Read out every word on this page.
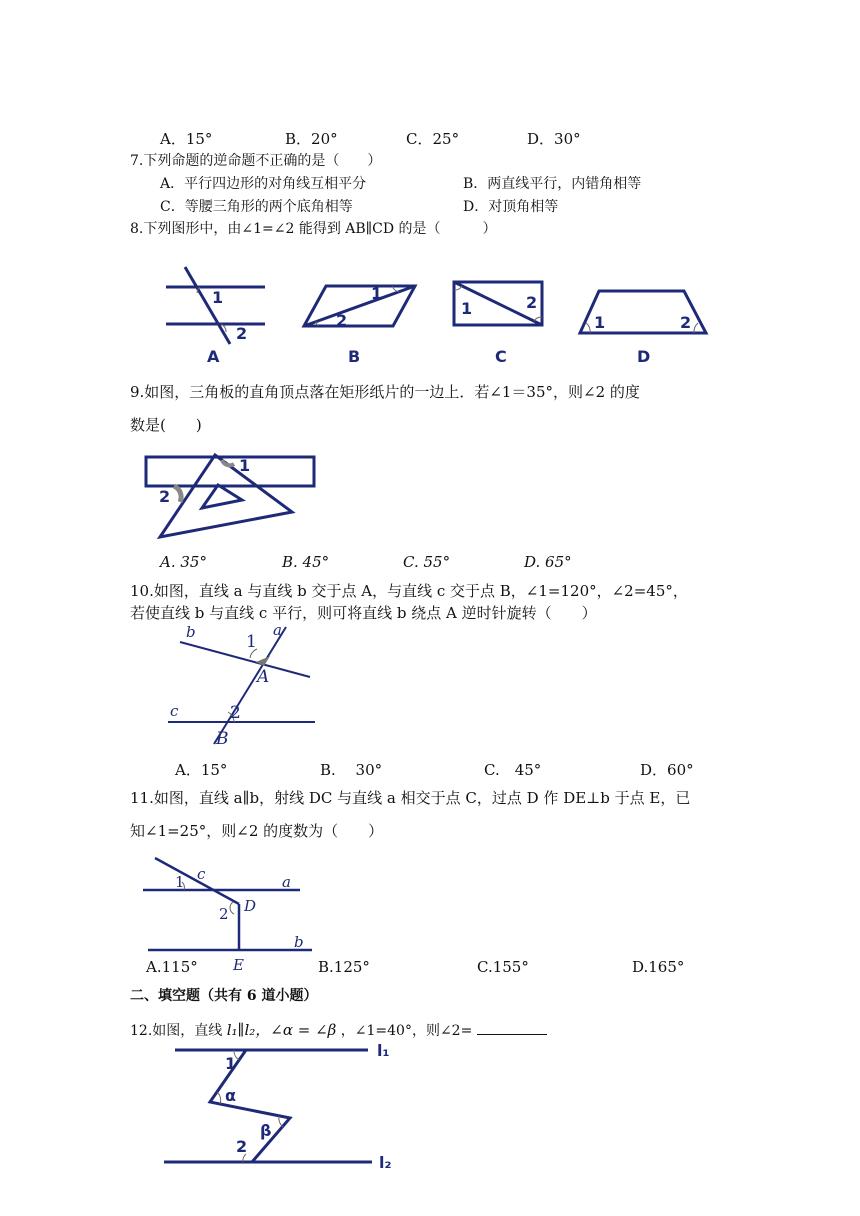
A．15°	B．20°	C．25°	D．30°
7.下列命题的逆命题不正确的是（　　）
A．平行四边形的对角线互相平分	B．两直线平行，内错角相等
C．等腰三角形的两个底角相等	D．对顶角相等
8.下列图形中，由∠1=∠2 能得到 AB∥CD 的是（　　　）
1
2
1
2
1	2
1	2
A	B	C	D
9.如图，三角板的直角顶点落在矩形纸片的一边上．若∠1＝35°，则∠2 的度
数是(　　)
1
2
A. 35°	B. 45°	C. 55°	D. 65°
10.如图，直线 a 与直线 b 交于点 A，与直线 c 交于点 B，∠1=120°，∠2=45°，
若使直线 b 与直线 c 平行，则可将直线 b 绕点 A 逆时针旋转（　　）
a
b
c
A
B
1
2
A．15°	B.　 30°	C.　45°	D．60°
11.如图，直线 a∥b，射线 DC 与直线 a 相交于点 C，过点 D 作 DE⊥b 于点 E，已
知∠1=25°，则∠2 的度数为（　　）
1 c	a
2 D
b
E
A.115°	B.125°	C.155°	D.165°
二、填空题（共有 6 道小题）
12.如图，直线 l₁∥l₂，∠α = ∠β ，∠1=40°，则∠2=
1
α
β
2
l₁
l₂
